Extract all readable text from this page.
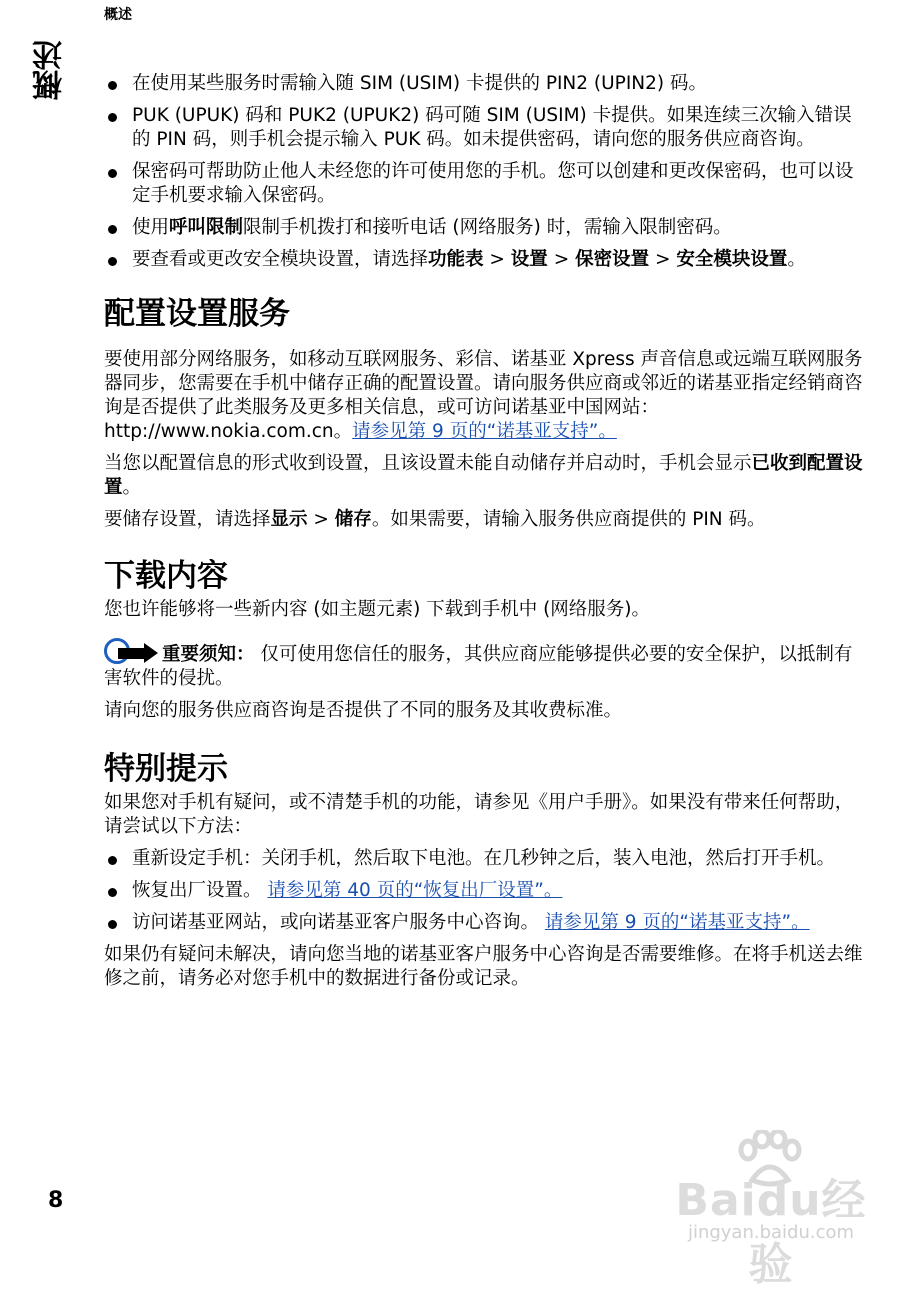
概述
概述	在使用某些服务时需输入随 SIM (USIM) 卡提供的 PIN2 (UPIN2) 码。
PUK (UPUK) 码和 PUK2 (UPUK2) 码可随 SIM (USIM) 卡提供。如果连续三次输入错误的 PIN 码，则手机会提示输入 PUK 码。如未提供密码，请向您的服务供应商咨询。
保密码可帮助防止他人未经您的许可使用您的手机。您可以创建和更改保密码，也可以设定手机要求输入保密码。
使用呼叫限制限制手机拨打和接听电话 (网络服务) 时，需输入限制密码。
要查看或更改安全模块设置，请选择功能表 > 设置 > 保密设置 > 安全模块设置。
配置设置服务

要使用部分网络服务，如移动互联网服务、彩信、诺基亚 Xpress 声音信息或远端互联网服务器同步，您需要在手机中储存正确的配置设置。请向服务供应商或邻近的诺基亚指定经销商咨询是否提供了此类服务及更多相关信息，或可访问诺基亚中国网站：http://www.nokia.com.cn。请参见第 9 页的“诺基亚支持”。

当您以配置信息的形式收到设置，且该设置未能自动储存并启动时，手机会显示已收到配置设置。

要储存设置，请选择显示 > 储存。如果需要，请输入服务供应商提供的 PIN 码。

下载内容

您也许能够将一些新内容 (如主题元素) 下载到手机中 (网络服务)。

重要须知： 仅可使用您信任的服务，其供应商应能够提供必要的安全保护，以抵制有害软件的侵扰。

请向您的服务供应商咨询是否提供了不同的服务及其收费标准。

特别提示

如果您对手机有疑问，或不清楚手机的功能，请参见《用户手册》。如果没有带来任何帮助，请尝试以下方法：

重新设定手机：关闭手机，然后取下电池。在几秒钟之后，装入电池，然后打开手机。
恢复出厂设置。 请参见第 40 页的“恢复出厂设置”。
访问诺基亚网站，或向诺基亚客户服务中心咨询。 请参见第 9 页的“诺基亚支持”。

如果仍有疑问未解决，请向您当地的诺基亚客户服务中心咨询是否需要维修。在将手机送去维修之前，请务必对您手机中的数据进行备份或记录。

8	Baidu经验
jingyan.baidu.com
